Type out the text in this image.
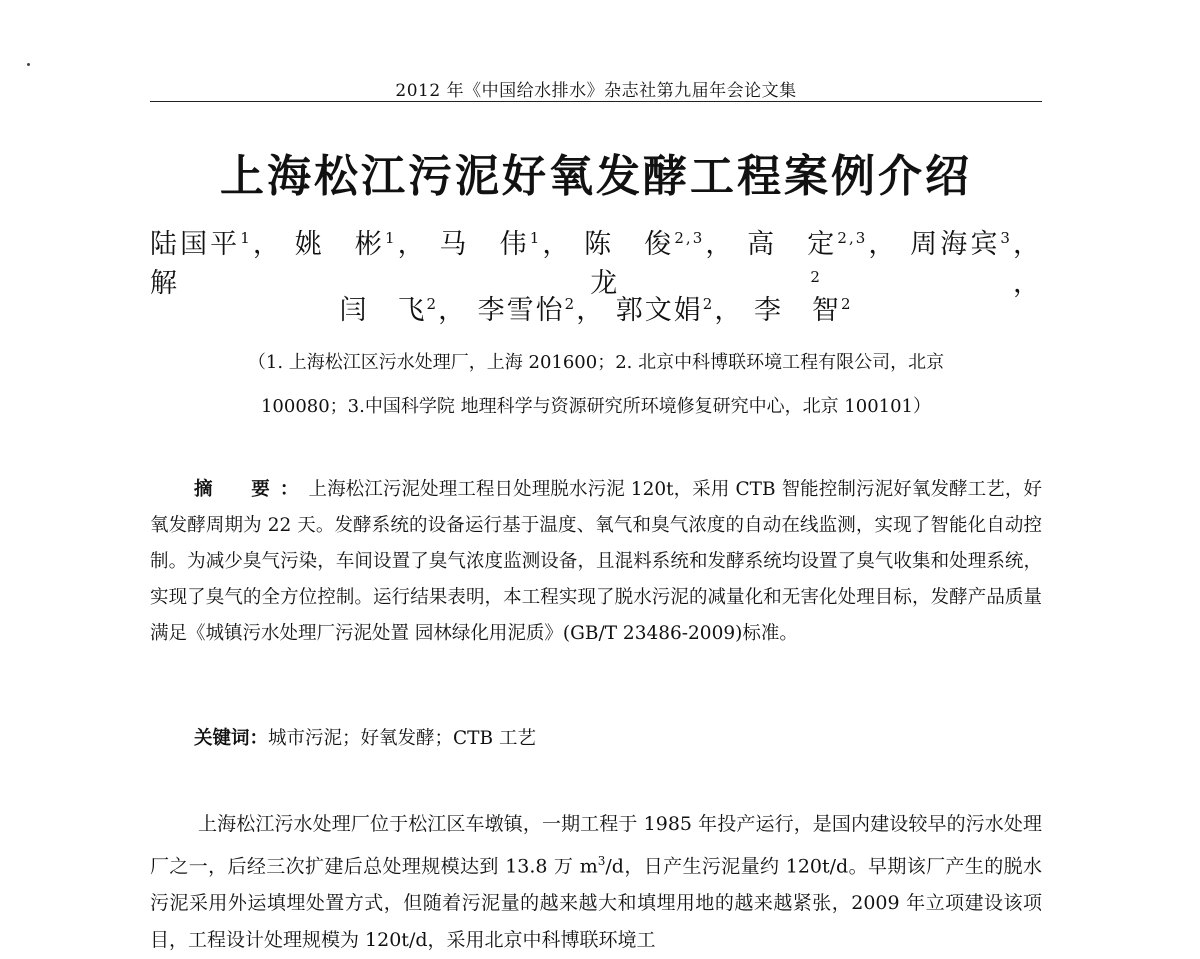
2012 年《中国给水排水》杂志社第九届年会论文集
上海松江污泥好氧发酵工程案例介绍
陆国平$^1$， 姚　彬$^1$， 马　伟$^1$， 陈　俊$^{2,3}$， 高　定$^{2,3}$， 周海宾$^3$， 解　龙$^2$，
闫　飞$^2$， 李雪怡$^2$， 郭文娟$^2$， 李　智$^2$
（1. 上海松江区污水处理厂，上海 201600；2. 北京中科博联环境工程有限公司，北京
100080；3.中国科学院 地理科学与资源研究所环境修复研究中心，北京 100101）
摘　要：上海松江污泥处理工程日处理脱水污泥 120t，采用 CTB 智能控制污泥好氧发酵工艺，好氧发酵周期为 22 天。发酵系统的设备运行基于温度、氧气和臭气浓度的自动在线监测，实现了智能化自动控制。为减少臭气污染，车间设置了臭气浓度监测设备，且混料系统和发酵系统均设置了臭气收集和处理系统，实现了臭气的全方位控制。运行结果表明，本工程实现了脱水污泥的减量化和无害化处理目标，发酵产品质量满足《城镇污水处理厂污泥处置 园林绿化用泥质》(GB/T 23486-2009)标准。
关键词：城市污泥；好氧发酵；CTB 工艺
上海松江污水处理厂位于松江区车墩镇，一期工程于 1985 年投产运行，是国内建设较早的污水处理厂之一，后经三次扩建后总处理规模达到 13.8 万 $m^3/d$，日产生污泥量约 120t/d。早期该厂产生的脱水污泥采用外运填埋处置方式，但随着污泥量的越来越大和填埋用地的越来越紧张，2009 年立项建设该项目，工程设计处理规模为 120t/d，采用北京中科博联环境工
